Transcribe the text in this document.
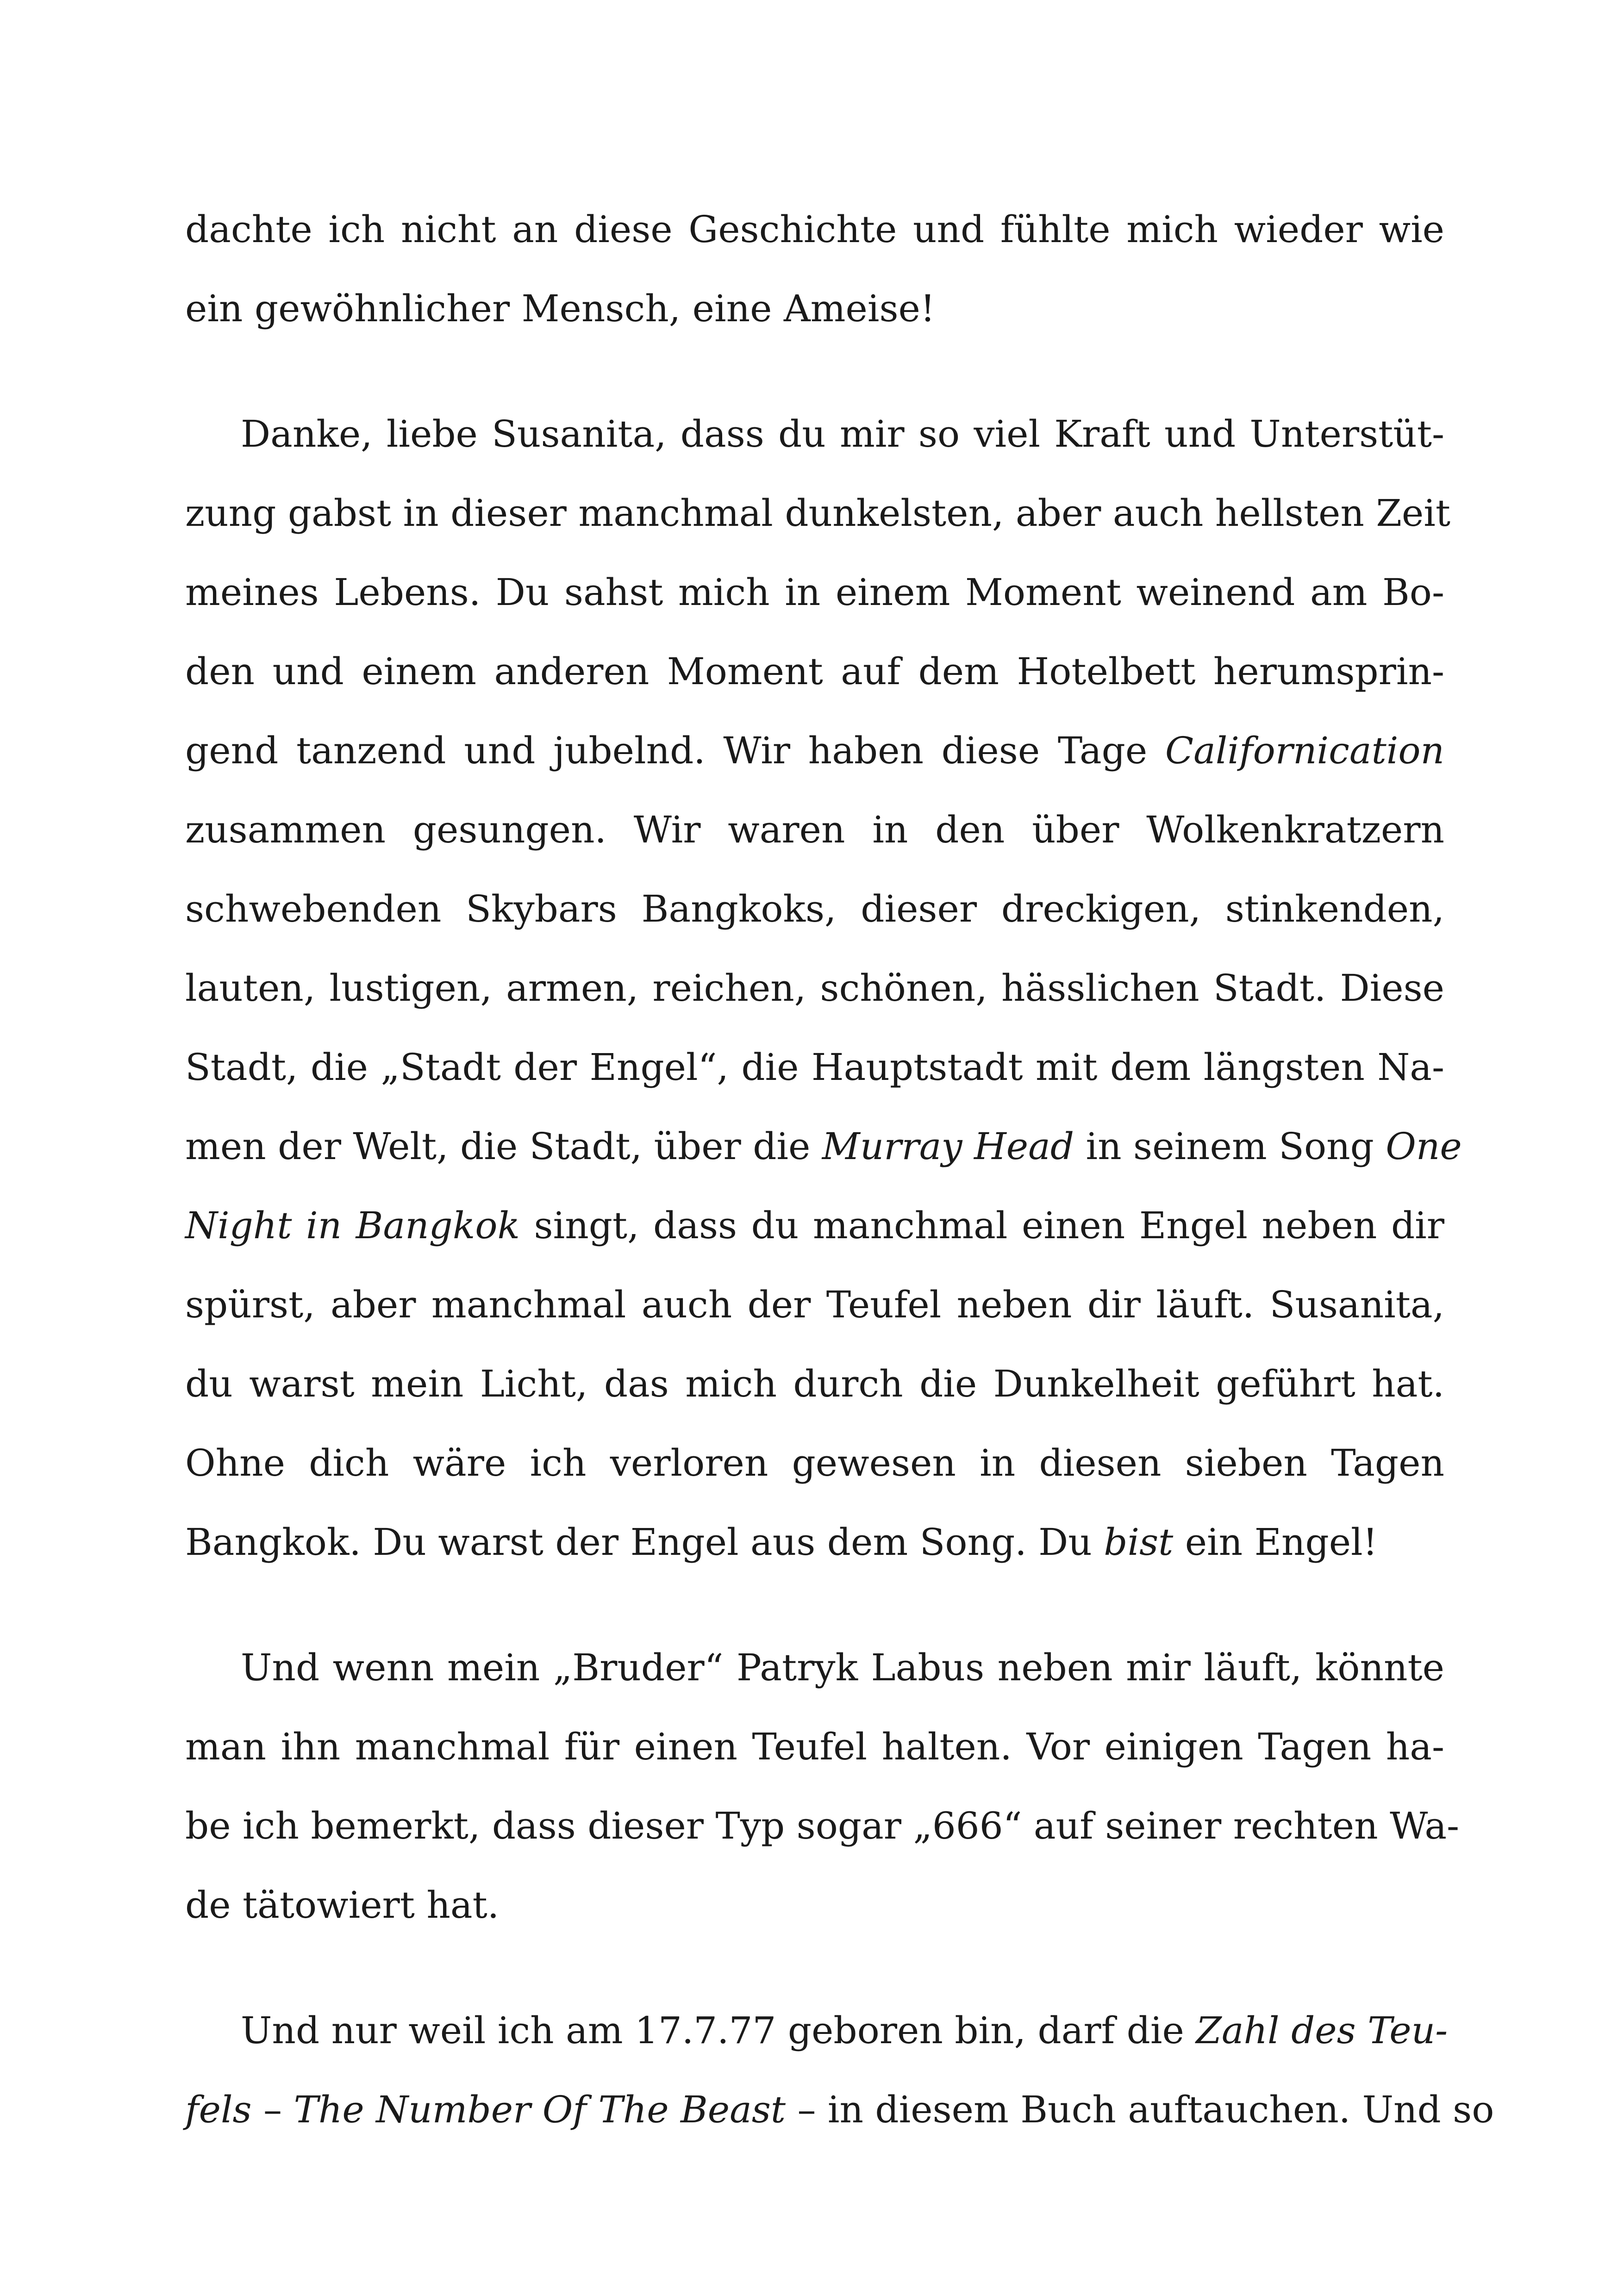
dachte ich nicht an diese Geschichte und fühlte mich wieder wie
ein gewöhnlicher Mensch, eine Ameise!

Danke, liebe Susanita, dass du mir so viel Kraft und Unterstüt-
zung gabst in dieser manchmal dunkelsten, aber auch hellsten Zeit
meines Lebens. Du sahst mich in einem Moment weinend am Bo-
den und einem anderen Moment auf dem Hotelbett herumsprin-
gend tanzend und jubelnd. Wir haben diese Tage Californication
zusammen gesungen. Wir waren in den über Wolkenkratzern
schwebenden Skybars Bangkoks, dieser dreckigen, stinkenden,
lauten, lustigen, armen, reichen, schönen, hässlichen Stadt. Diese
Stadt, die „Stadt der Engel“, die Hauptstadt mit dem längsten Na-
men der Welt, die Stadt, über die Murray Head in seinem Song One
Night in Bangkok singt, dass du manchmal einen Engel neben dir
spürst, aber manchmal auch der Teufel neben dir läuft. Susanita,
du warst mein Licht, das mich durch die Dunkelheit geführt hat.
Ohne dich wäre ich verloren gewesen in diesen sieben Tagen
Bangkok. Du warst der Engel aus dem Song. Du bist ein Engel!

Und wenn mein „Bruder“ Patryk Labus neben mir läuft, könnte
man ihn manchmal für einen Teufel halten. Vor einigen Tagen ha-
be ich bemerkt, dass dieser Typ sogar „666“ auf seiner rechten Wa-
de tätowiert hat.

Und nur weil ich am 17.7.77 geboren bin, darf die Zahl des Teu-
fels – The Number Of The Beast – in diesem Buch auftauchen. Und so
